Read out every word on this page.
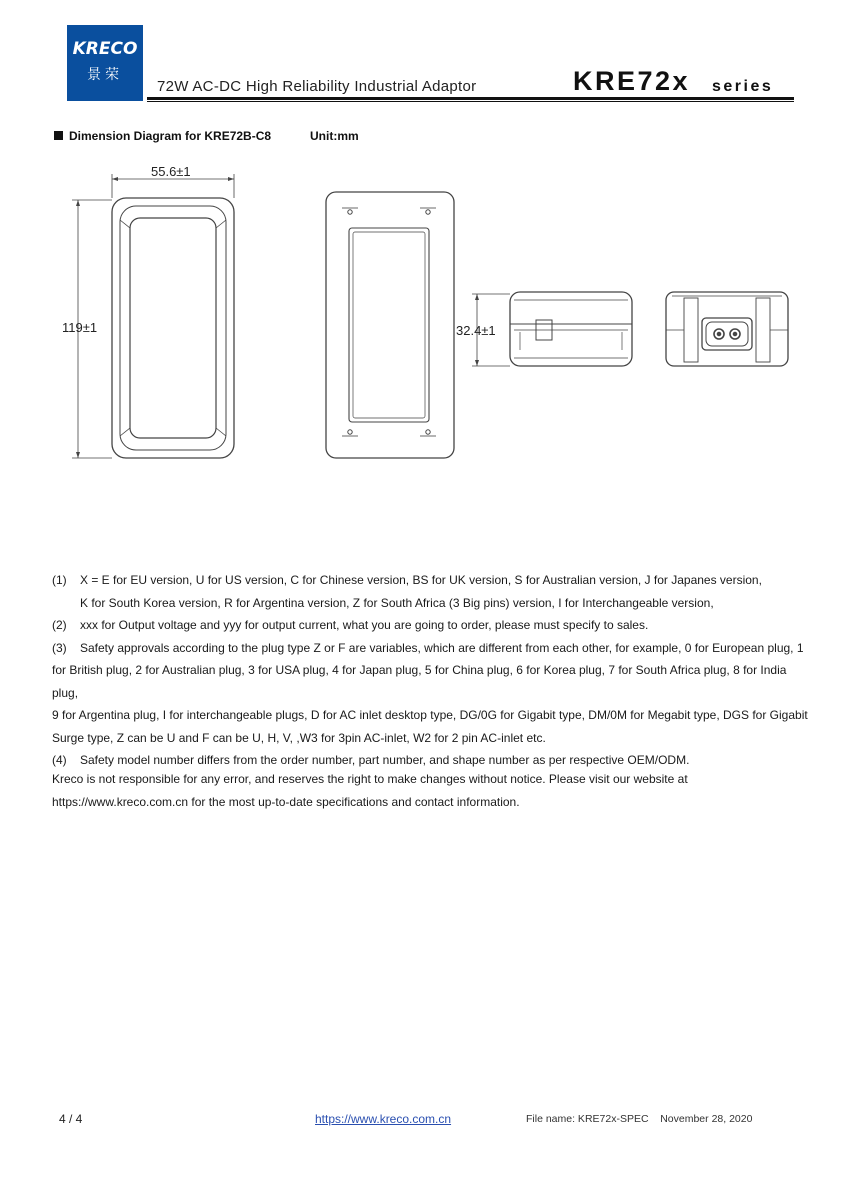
KRECO
景荣
72W AC-DC High Reliability Industrial Adaptor	KRE72x series
Dimension Diagram for KRE72B-C8	Unit:mm
55.6±1
119±1	32.4±1

(1) X = E for EU version, U for US version, C for Chinese version, BS for UK version, S for Australian version, J for Japanes version,

K for South Korea version, R for Argentina version, Z for South Africa (3 Big pins) version, I for Interchangeable version,

(2) xxx for Output voltage and yyy for output current, what you are going to order, please must specify to sales.

(3) Safety approvals according to the plug type Z or F are variables, which are different from each other, for example, 0 for European plug, 1

for British plug, 2 for Australian plug, 3 for USA plug, 4 for Japan plug, 5 for China plug, 6 for Korea plug, 7 for South Africa plug, 8 for India plug,

9 for Argentina plug, I for interchangeable plugs, D for AC inlet desktop type, DG/0G for Gigabit type, DM/0M for Megabit type, DGS for Gigabit

Surge type, Z can be U and F can be U, H, V, ,W3 for 3pin AC-inlet, W2 for 2 pin AC-inlet etc.

(4) Safety model number differs from the order number, part number, and shape number as per respective OEM/ODM.

Kreco is not responsible for any error, and reserves the right to make changes without notice. Please visit our website at

https://www.kreco.com.cn for the most up-to-date specifications and contact information.

4 / 4	https://www.kreco.com.cn	File name: KRE72x-SPEC    November 28, 2020
